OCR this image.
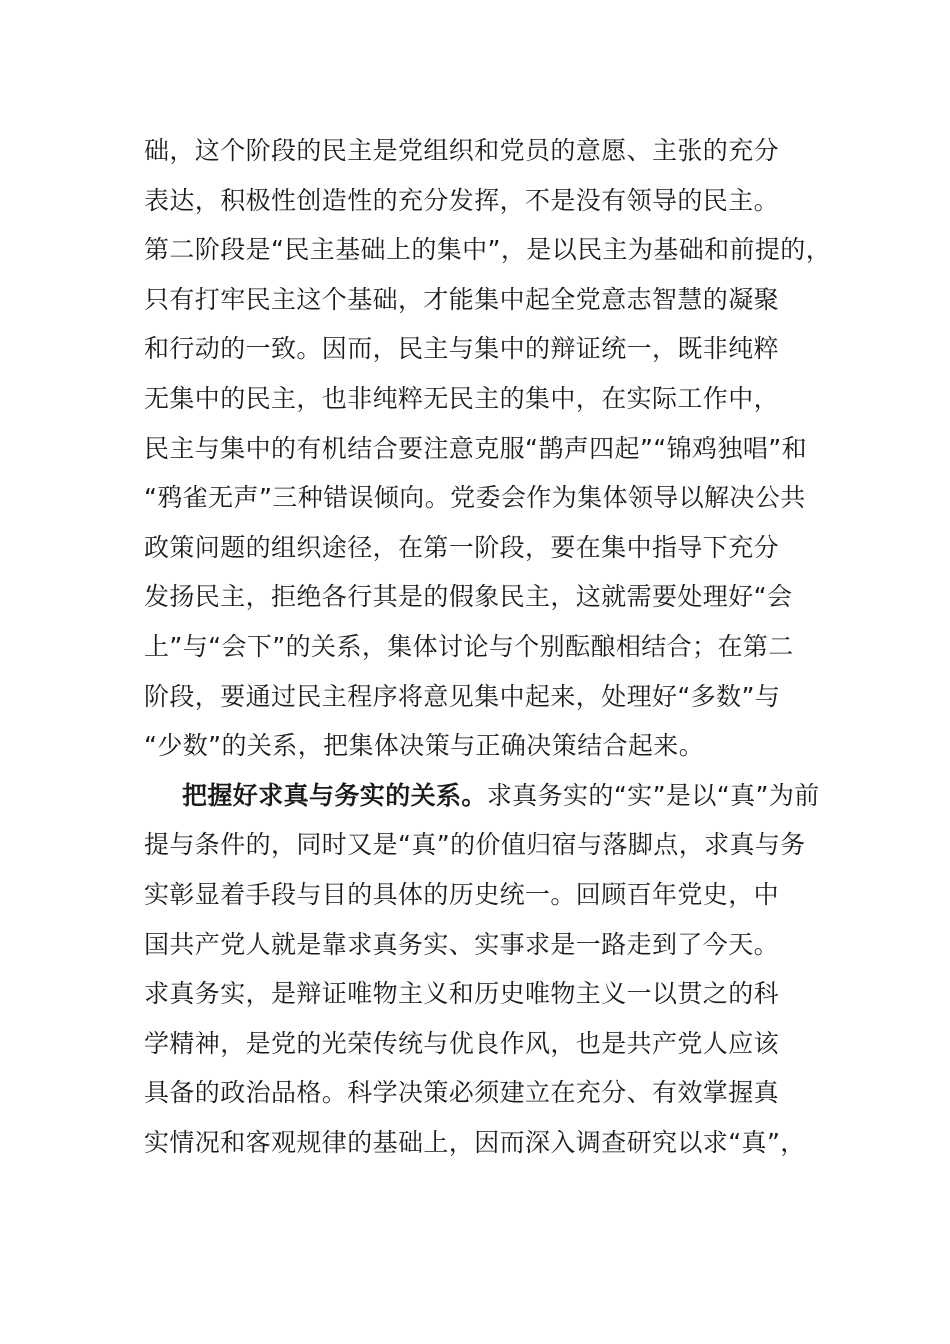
础，这个阶段的民主是党组织和党员的意愿、主张的充分
表达，积极性创造性的充分发挥，不是没有领导的民主。
第二阶段是“民主基础上的集中”，是以民主为基础和前提的，
只有打牢民主这个基础，才能集中起全党意志智慧的凝聚
和行动的一致。因而，民主与集中的辩证统一，既非纯粹
无集中的民主，也非纯粹无民主的集中，在实际工作中，
民主与集中的有机结合要注意克服“鹊声四起”“锦鸡独唱”和
“鸦雀无声”三种错误倾向。党委会作为集体领导以解决公共
政策问题的组织途径，在第一阶段，要在集中指导下充分
发扬民主，拒绝各行其是的假象民主，这就需要处理好“会
上”与“会下”的关系，集体讨论与个别酝酿相结合；在第二
阶段，要通过民主程序将意见集中起来，处理好“多数”与
“少数”的关系，把集体决策与正确决策结合起来。
把握好求真与务实的关系。求真务实的“实”是以“真”为前
提与条件的，同时又是“真”的价值归宿与落脚点，求真与务
实彰显着手段与目的具体的历史统一。回顾百年党史，中
国共产党人就是靠求真务实、实事求是一路走到了今天。
求真务实，是辩证唯物主义和历史唯物主义一以贯之的科
学精神，是党的光荣传统与优良作风，也是共产党人应该
具备的政治品格。科学决策必须建立在充分、有效掌握真
实情况和客观规律的基础上，因而深入调查研究以求“真”，
